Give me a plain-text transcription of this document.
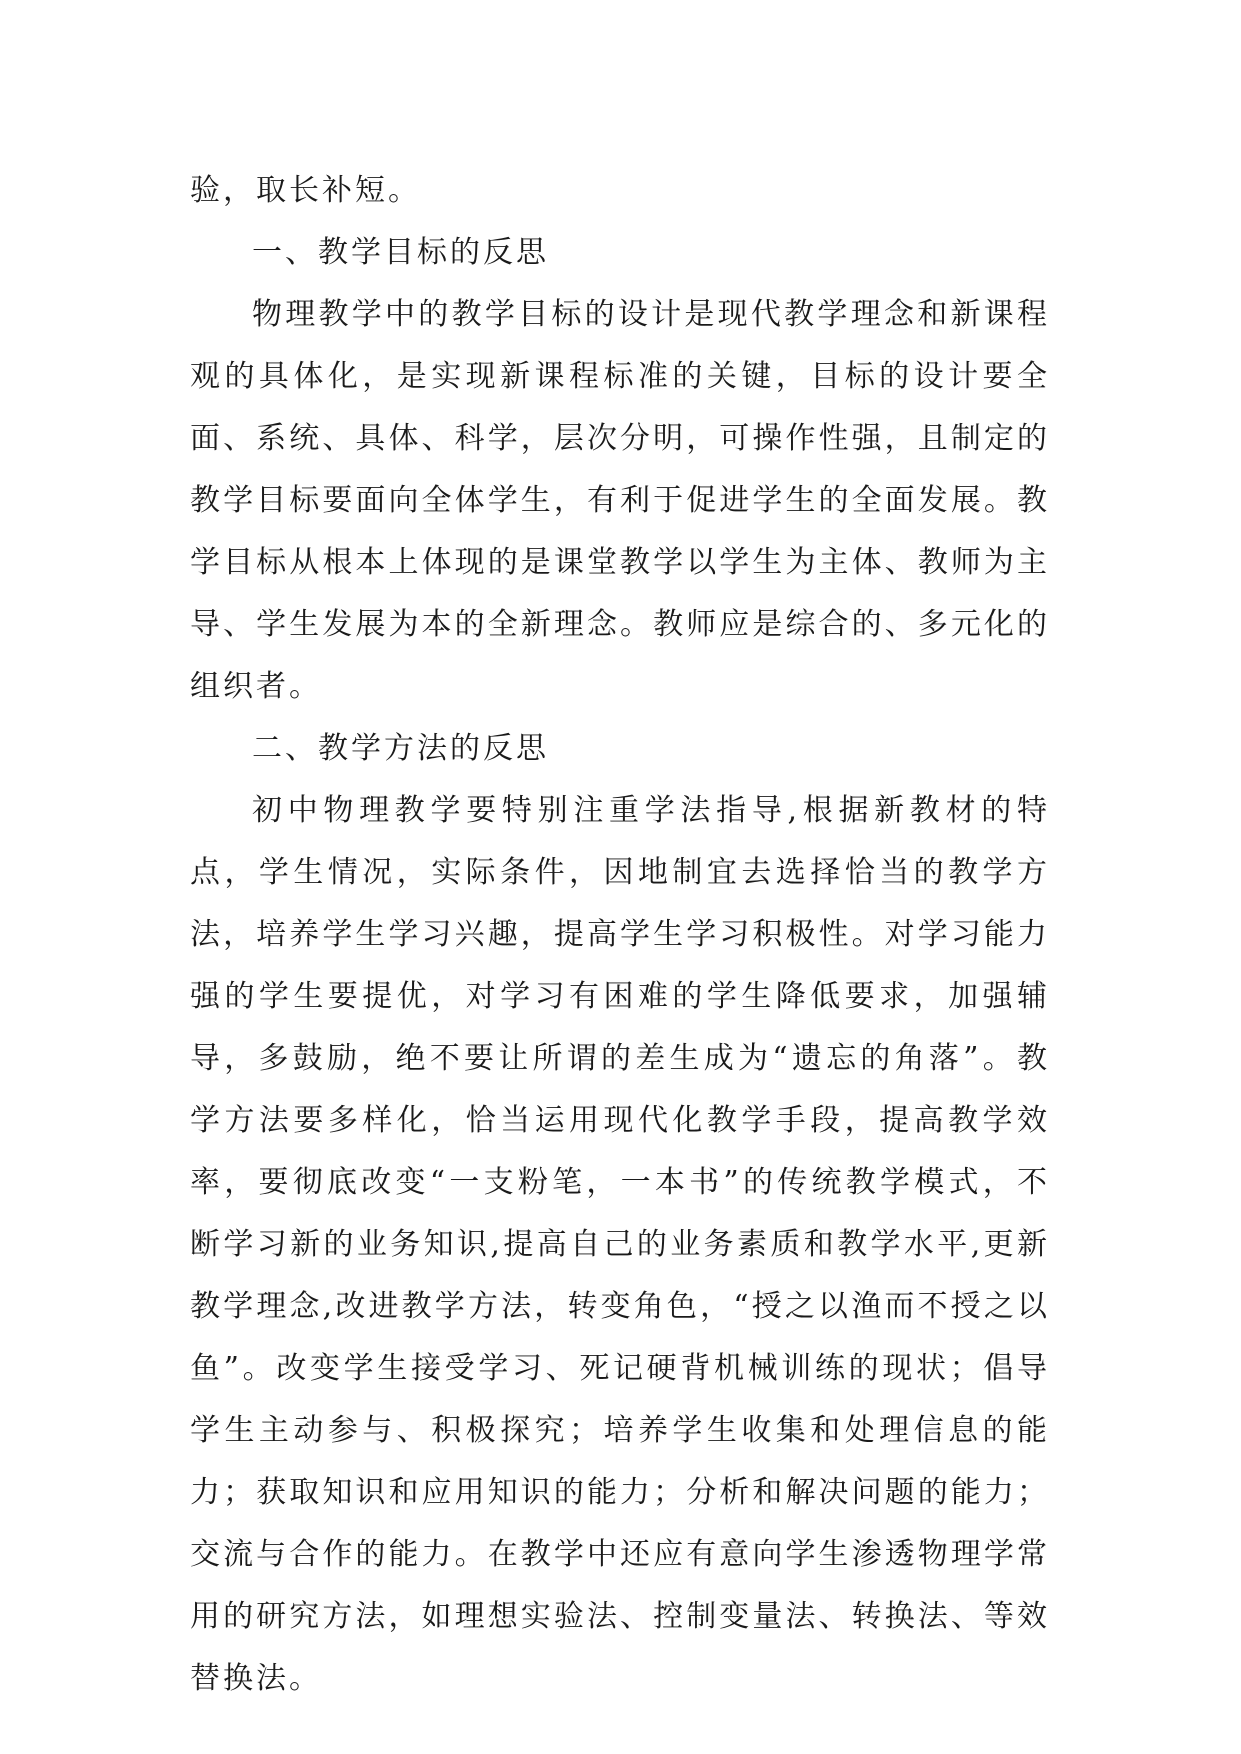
验，取长补短。

一、教学目标的反思

物理教学中的教学目标的设计是现代教学理念和新课程观的具体化，是实现新课程标准的关键，目标的设计要全面、系统、具体、科学，层次分明，可操作性强，且制定的教学目标要面向全体学生，有利于促进学生的全面发展。教学目标从根本上体现的是课堂教学以学生为主体、教师为主导、学生发展为本的全新理念。教师应是综合的、多元化的组织者。

二、教学方法的反思

初中物理教学要特别注重学法指导,根据新教材的特点，学生情况，实际条件，因地制宜去选择恰当的教学方法，培养学生学习兴趣，提高学生学习积极性。对学习能力强的学生要提优，对学习有困难的学生降低要求，加强辅导，多鼓励，绝不要让所谓的差生成为“遗忘的角落”。教学方法要多样化，恰当运用现代化教学手段，提高教学效率，要彻底改变“一支粉笔，一本书”的传统教学模式，不断学习新的业务知识,提高自己的业务素质和教学水平,更新教学理念,改进教学方法，转变角色，“授之以渔而不授之以鱼”。改变学生接受学习、死记硬背机械训练的现状；倡导学生主动参与、积极探究；培养学生收集和处理信息的能力；获取知识和应用知识的能力；分析和解决问题的能力；交流与合作的能力。在教学中还应有意向学生渗透物理学常用的研究方法，如理想实验法、控制变量法、转换法、等效替换法。
